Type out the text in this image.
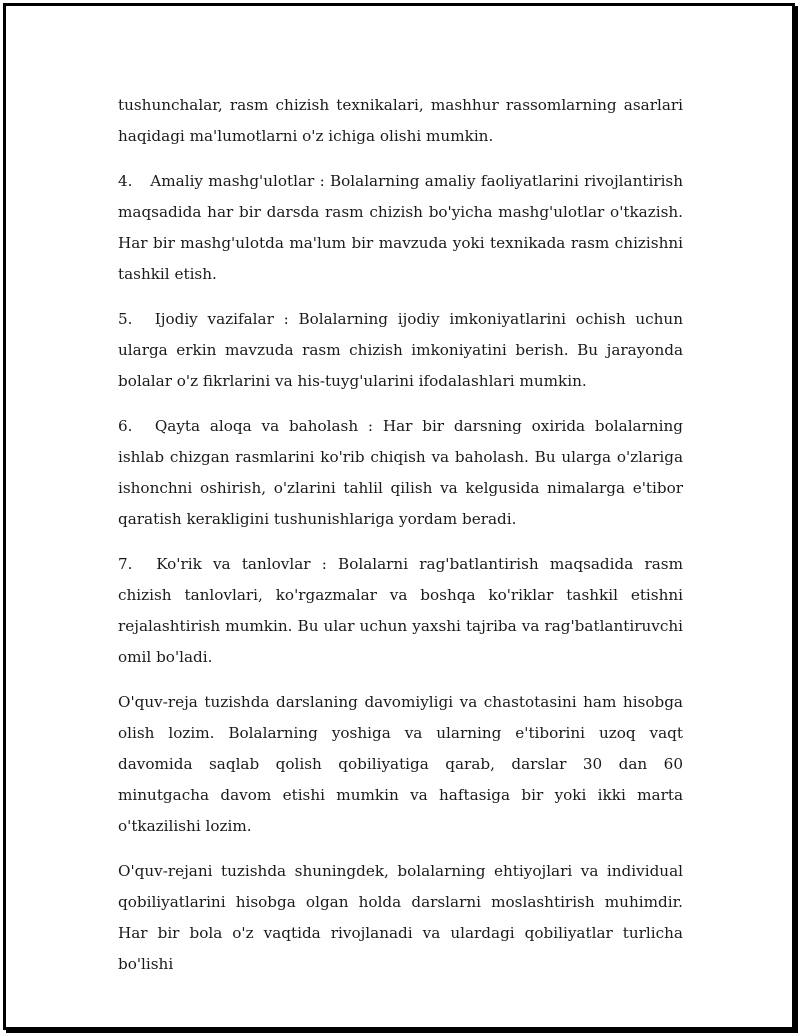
tushunchalar, rasm chizish texnikalari, mashhur rassomlarning asarlari haqidagi ma'lumotlarni o'z ichiga olishi mumkin.

4. Amaliy mashg'ulotlar : Bolalarning amaliy faoliyatlarini rivojlantirish maqsadida har bir darsda rasm chizish bo'yicha mashg'ulotlar o'tkazish. Har bir mashg'ulotda ma'lum bir mavzuda yoki texnikada rasm chizishni tashkil etish.

5. Ijodiy vazifalar : Bolalarning ijodiy imkoniyatlarini ochish uchun ularga erkin mavzuda rasm chizish imkoniyatini berish. Bu jarayonda bolalar o'z fikrlarini va his-tuyg'ularini ifodalashlari mumkin.

6. Qayta aloqa va baholash : Har bir darsning oxirida bolalarning ishlab chizgan rasmlarini ko'rib chiqish va baholash. Bu ularga o'zlariga ishonchni oshirish, o'zlarini tahlil qilish va kelgusida nimalarga e'tibor qaratish kerakligini tushunishlariga yordam beradi.

7. Ko'rik va tanlovlar : Bolalarni rag'batlantirish maqsadida rasm chizish tanlovlari, ko'rgazmalar va boshqa ko'riklar tashkil etishni rejalashtirish mumkin. Bu ular uchun yaxshi tajriba va rag'batlantiruvchi omil bo'ladi.

O'quv-reja tuzishda darslaning davomiyligi va chastotasini ham hisobga olish lozim. Bolalarning yoshiga va ularning e'tiborini uzoq vaqt davomida saqlab qolish qobiliyatiga qarab, darslar 30 dan 60 minutgacha davom etishi mumkin va haftasiga bir yoki ikki marta o'tkazilishi lozim.

O'quv-rejani tuzishda shuningdek, bolalarning ehtiyojlari va individual qobiliyatlarini hisobga olgan holda darslarni moslashtirish muhimdir. Har bir bola o'z vaqtida rivojlanadi va ulardagi qobiliyatlar turlicha bo'lishi
